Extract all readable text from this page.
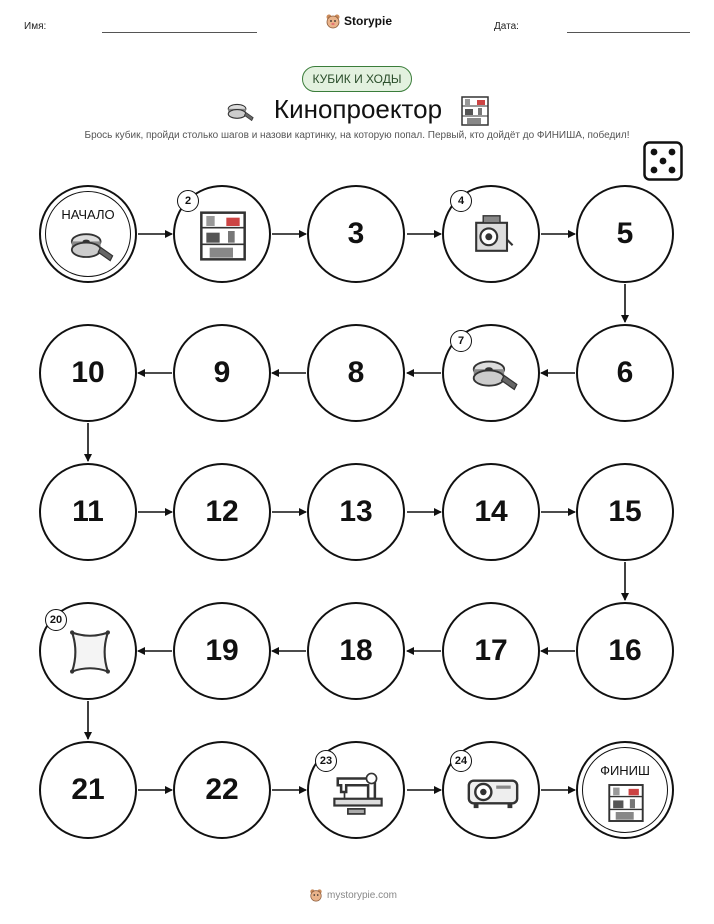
Имя:	Storypie	Дата:
КУБИК И ХОДЫ
Кинопроектор
Брось кубик, пройди столько шагов и назови картинку, на которую попал. Первый, кто дойдёт до ФИНИША, победил!
НАЧАЛО
2
3
4
5
10	9	8
7
6
11	12	13	14	15
20
19	18	17	16
21	22
23	24
ФИНИШ
mystorypie.com
